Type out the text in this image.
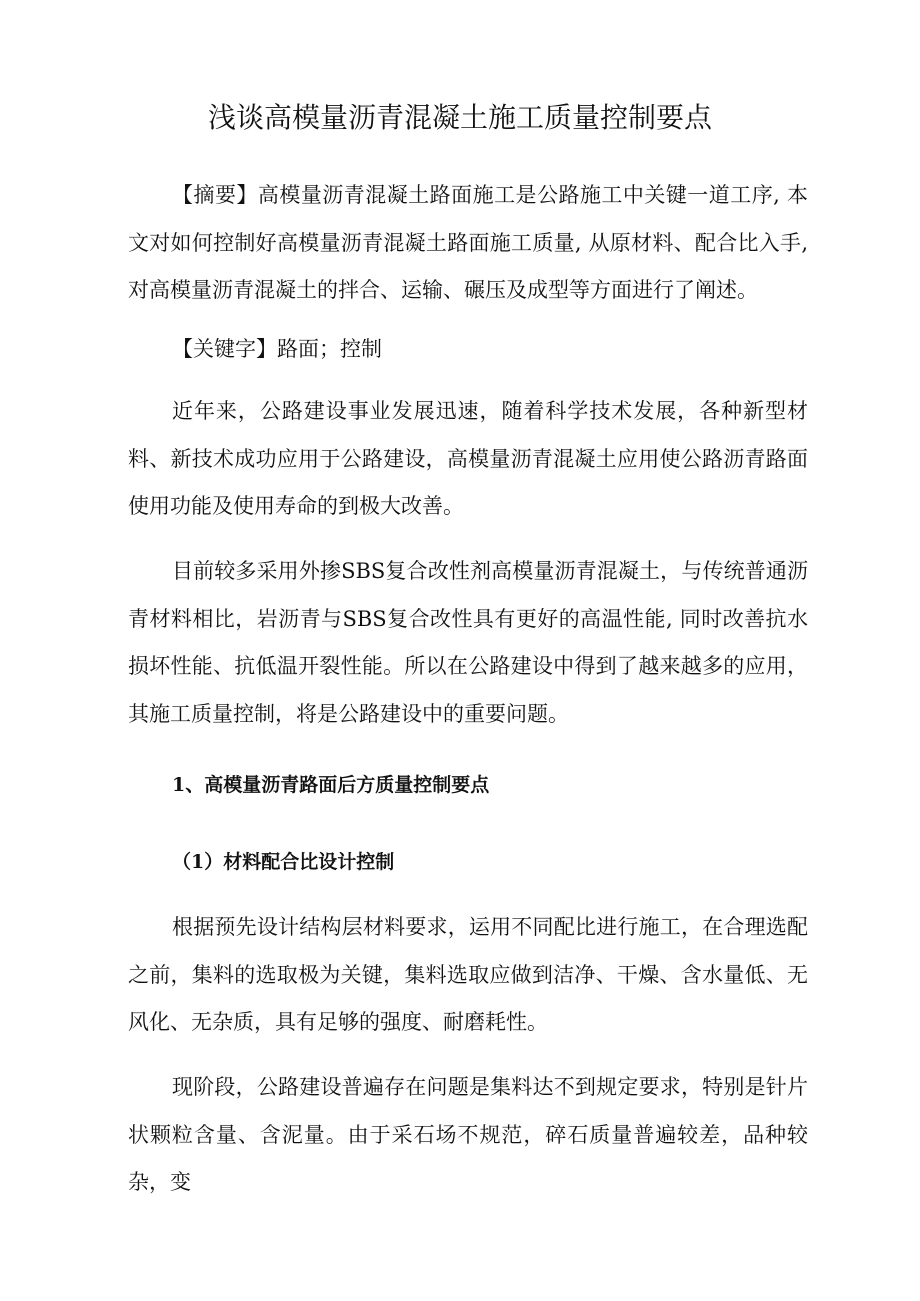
浅谈高模量沥青混凝土施工质量控制要点

【摘要】高模量沥青混凝土路面施工是公路施工中关键一道工序, 本文对如何控制好高模量沥青混凝土路面施工质量, 从原材料、配合比入手, 对高模量沥青混凝土的拌合、运输、碾压及成型等方面进行了阐述。

【关键字】路面；控制

近年来，公路建设事业发展迅速，随着科学技术发展，各种新型材料、新技术成功应用于公路建设，高模量沥青混凝土应用使公路沥青路面使用功能及使用寿命的到极大改善。

目前较多采用外掺SBS复合改性剂高模量沥青混凝土，与传统普通沥青材料相比，岩沥青与SBS复合改性具有更好的高温性能, 同时改善抗水损坏性能、抗低温开裂性能。所以在公路建设中得到了越来越多的应用，其施工质量控制，将是公路建设中的重要问题。

1、高模量沥青路面后方质量控制要点
（1）材料配合比设计控制

根据预先设计结构层材料要求，运用不同配比进行施工，在合理选配之前，集料的选取极为关键，集料选取应做到洁净、干燥、含水量低、无风化、无杂质，具有足够的强度、耐磨耗性。

现阶段，公路建设普遍存在问题是集料达不到规定要求，特别是针片状颗粒含量、含泥量。由于采石场不规范，碎石质量普遍较差，品种较杂，变
